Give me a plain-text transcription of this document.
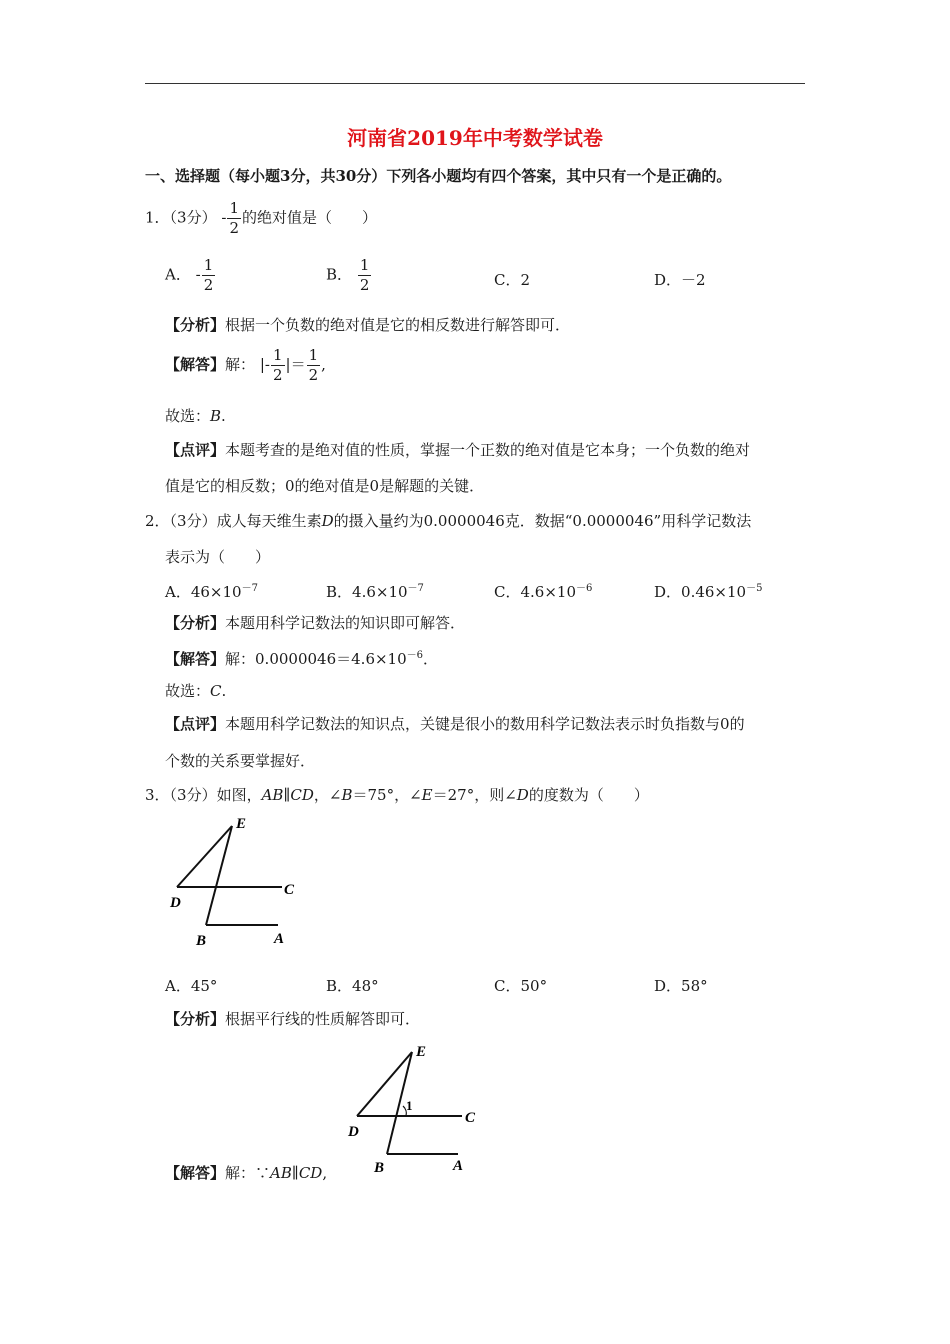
河南省2019年中考数学试卷
一、选择题（每小题3分，共30分）下列各小题均有四个答案，其中只有一个是正确的。
1．（3分） - $\frac{1}{2}$ 的绝对值是（　　）
A． - $\frac{1}{2}$	B． $\frac{1}{2}$	C．2	D．－2
【分析】根据一个负数的绝对值是它的相反数进行解答即可．
【解答】解： |- $\frac{1}{2}$ |＝ $\frac{1}{2}$ ,
故选：B.
【点评】本题考查的是绝对值的性质，掌握一个正数的绝对值是它本身；一个负数的绝对
值是它的相反数；0的绝对值是0是解题的关键．
2．（3分）成人每天维生素D的摄入量约为0.0000046克．数据“0.0000046”用科学记数法
表示为（　　）
A．$46\times 10^{-7}$	B．$4.6\times 10^{-7}$	C．$4.6\times 10^{-6}$	D．$0.46\times 10^{-5}$
【分析】本题用科学记数法的知识即可解答．
【解答】解：$0.0000046=4.6\times 10^{-6}$．
故选：C.
【点评】本题用科学记数法的知识点，关键是很小的数用科学记数法表示时负指数与0的
个数的关系要掌握好．
3．（3分）如图，AB∥CD，∠B＝75°，∠E＝27°，则∠D的度数为（　　）
E
C
D
B	A
A．45°	B．48°	C．50°	D．58°
【分析】根据平行线的性质解答即可．
1
E
C
D
B	A
【解答】解：∵AB∥CD,
